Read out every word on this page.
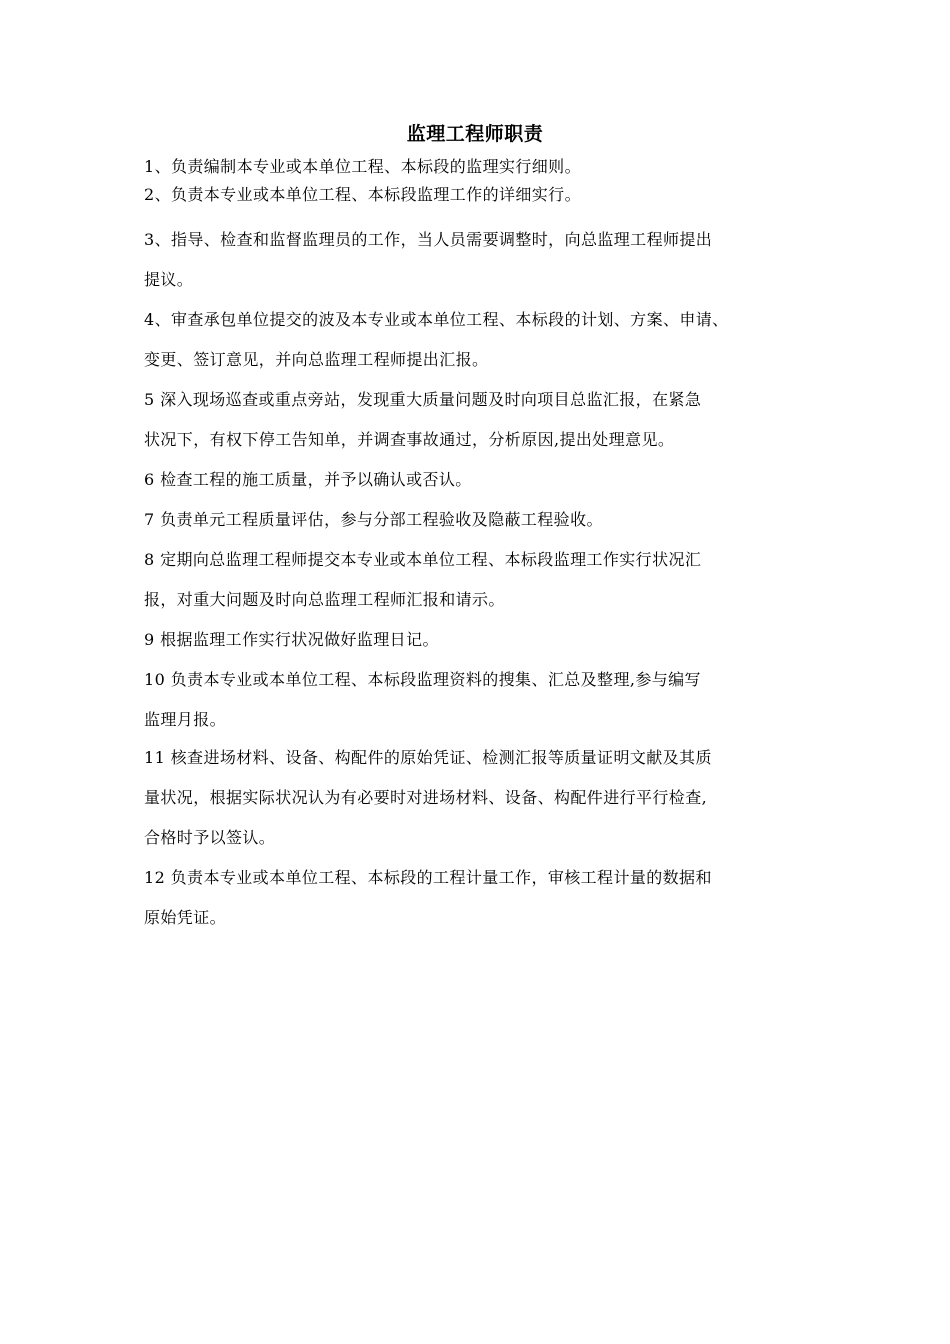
监理工程师职责
1、负责编制本专业或本单位工程、本标段的监理实行细则。
2、负责本专业或本单位工程、本标段监理工作的详细实行。
3、指导、检查和监督监理员的工作，当人员需要调整时，向总监理工程师提出
提议。
4、审查承包单位提交的波及本专业或本单位工程、本标段的计划、方案、申请、
变更、签订意见，并向总监理工程师提出汇报。
5 深入现场巡查或重点旁站，发现重大质量问题及时向项目总监汇报，在紧急
状况下，有权下停工告知单，并调查事故通过，分析原因,提出处理意见。
6 检查工程的施工质量，并予以确认或否认。
7 负责单元工程质量评估，参与分部工程验收及隐蔽工程验收。
8 定期向总监理工程师提交本专业或本单位工程、本标段监理工作实行状况汇
报，对重大问题及时向总监理工程师汇报和请示。
9 根据监理工作实行状况做好监理日记。
10 负责本专业或本单位工程、本标段监理资料的搜集、汇总及整理,参与编写
监理月报。
11 核查进场材料、设备、构配件的原始凭证、检测汇报等质量证明文献及其质
量状况，根据实际状况认为有必要时对进场材料、设备、构配件进行平行检查,
合格时予以签认。
12 负责本专业或本单位工程、本标段的工程计量工作，审核工程计量的数据和
原始凭证。
